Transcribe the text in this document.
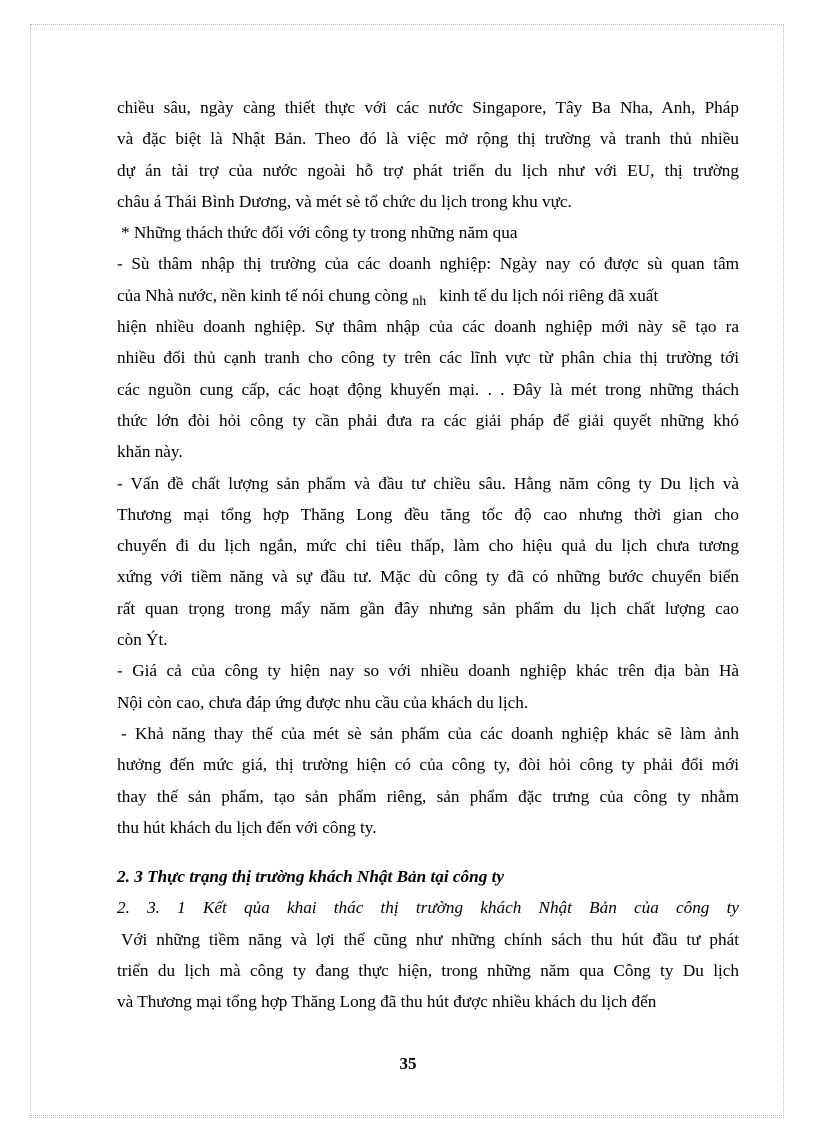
chiều sâu, ngày càng thiết thực với các nước Singapore, Tây Ba Nha, Anh, Pháp
và đặc biệt là Nhật Bản. Theo đó là việc mở rộng thị trường và tranh thủ nhiều
dự án tài trợ của nước ngoài hỗ trợ phát triển du lịch như với EU, thị trường
châu á Thái Bình Dương, và mét sè tổ chức du lịch trong khu vực.
* Những thách thức đối với công ty trong những năm qua
- Sù thâm nhập thị trường của các doanh nghiệp: Ngày nay có được sù quan tâm
của Nhà nước, nền kinh tế nói chung còng $_{nh}$ kinh tế du lịch nói riêng đã xuất
hiện nhiều doanh nghiệp. Sự thâm nhập của các doanh nghiệp mới này sẽ tạo ra
nhiều đối thủ cạnh tranh cho công ty trên các lĩnh vực từ phân chia thị trường tới
các nguồn cung cấp, các hoạt động khuyến mại. . . Đây là mét trong những thách
thức lớn đòi hỏi công ty cần phải đưa ra các giải pháp để giải quyết những khó
khăn này.
- Vấn đề chất lượng sản phẩm và đầu tư chiều sâu. Hằng năm công ty Du lịch và
Thương mại tổng hợp Thăng Long đều tăng tốc độ cao nhưng thời gian cho
chuyến đi du lịch ngắn, mức chi tiêu thấp, làm cho hiệu quả du lịch chưa tương
xứng với tiềm năng và sự đầu tư. Mặc dù công ty đã có những bước chuyển biến
rất quan trọng trong mấy năm gần đây nhưng sản phẩm du lịch chất lượng cao
còn Ýt.
- Giá cả của công ty hiện nay so với nhiều doanh nghiệp khác trên địa bàn Hà
Nội còn cao, chưa đáp ứng được nhu cầu của khách du lịch.
- Khả năng thay thế của mét sè sản phẩm của các doanh nghiệp khác sẽ làm ảnh
hưởng đến mức giá, thị trường hiện có của công ty, đòi hỏi công ty phải đổi mới
thay thế sản phẩm, tạo sản phẩm riêng, sản phẩm đặc trưng của công ty nhằm
thu hút khách du lịch đến với công ty.
2. 3 Thực trạng thị trường khách Nhật Bản tại công ty
2. 3. 1 Kết qủa khai thác thị trường khách Nhật Bản của công ty
Với những tiềm năng và lợi thế cũng như những chính sách thu hút đầu tư phát
triển du lịch mà công ty đang thực hiện, trong những năm qua Công ty Du lịch
và Thương mại tổng hợp Thăng Long đã thu hút được nhiều khách du lịch đến
35
